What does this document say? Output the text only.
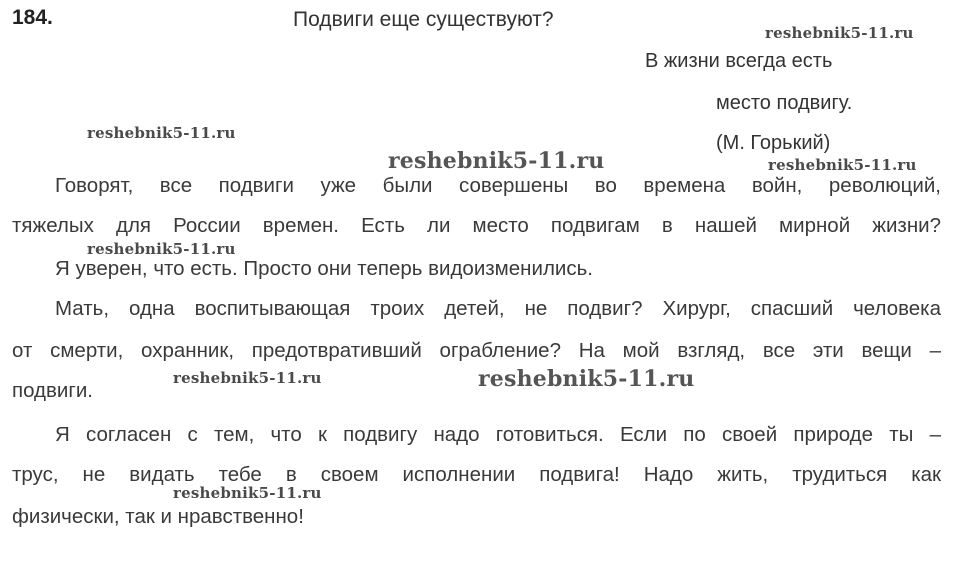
184.	Подвиги еще существуют?
В жизни всегда есть
место подвигу.
(М. Горький)
Говорят, все подвиги уже были совершены во времена войн, революций,
тяжелых для России времен. Есть ли место подвигам в нашей мирной жизни?
Я уверен, что есть. Просто они теперь видоизменились.
Мать, одна воспитывающая троих детей, не подвиг? Хирург, спасший человека
от смерти, охранник, предотвративший ограбление? На мой взгляд, все эти вещи –
подвиги.
Я согласен с тем, что к подвигу надо готовиться. Если по своей природе ты –
трус, не видать тебе в своем исполнении подвига! Надо жить, трудиться как
физически, так и нравственно!
reshebnik5-11.ru
reshebnik5-11.ru
reshebnik5-11.ru	reshebnik5-11.ru
reshebnik5-11.ru
reshebnik5-11.ru	reshebnik5-11.ru
reshebnik5-11.ru
